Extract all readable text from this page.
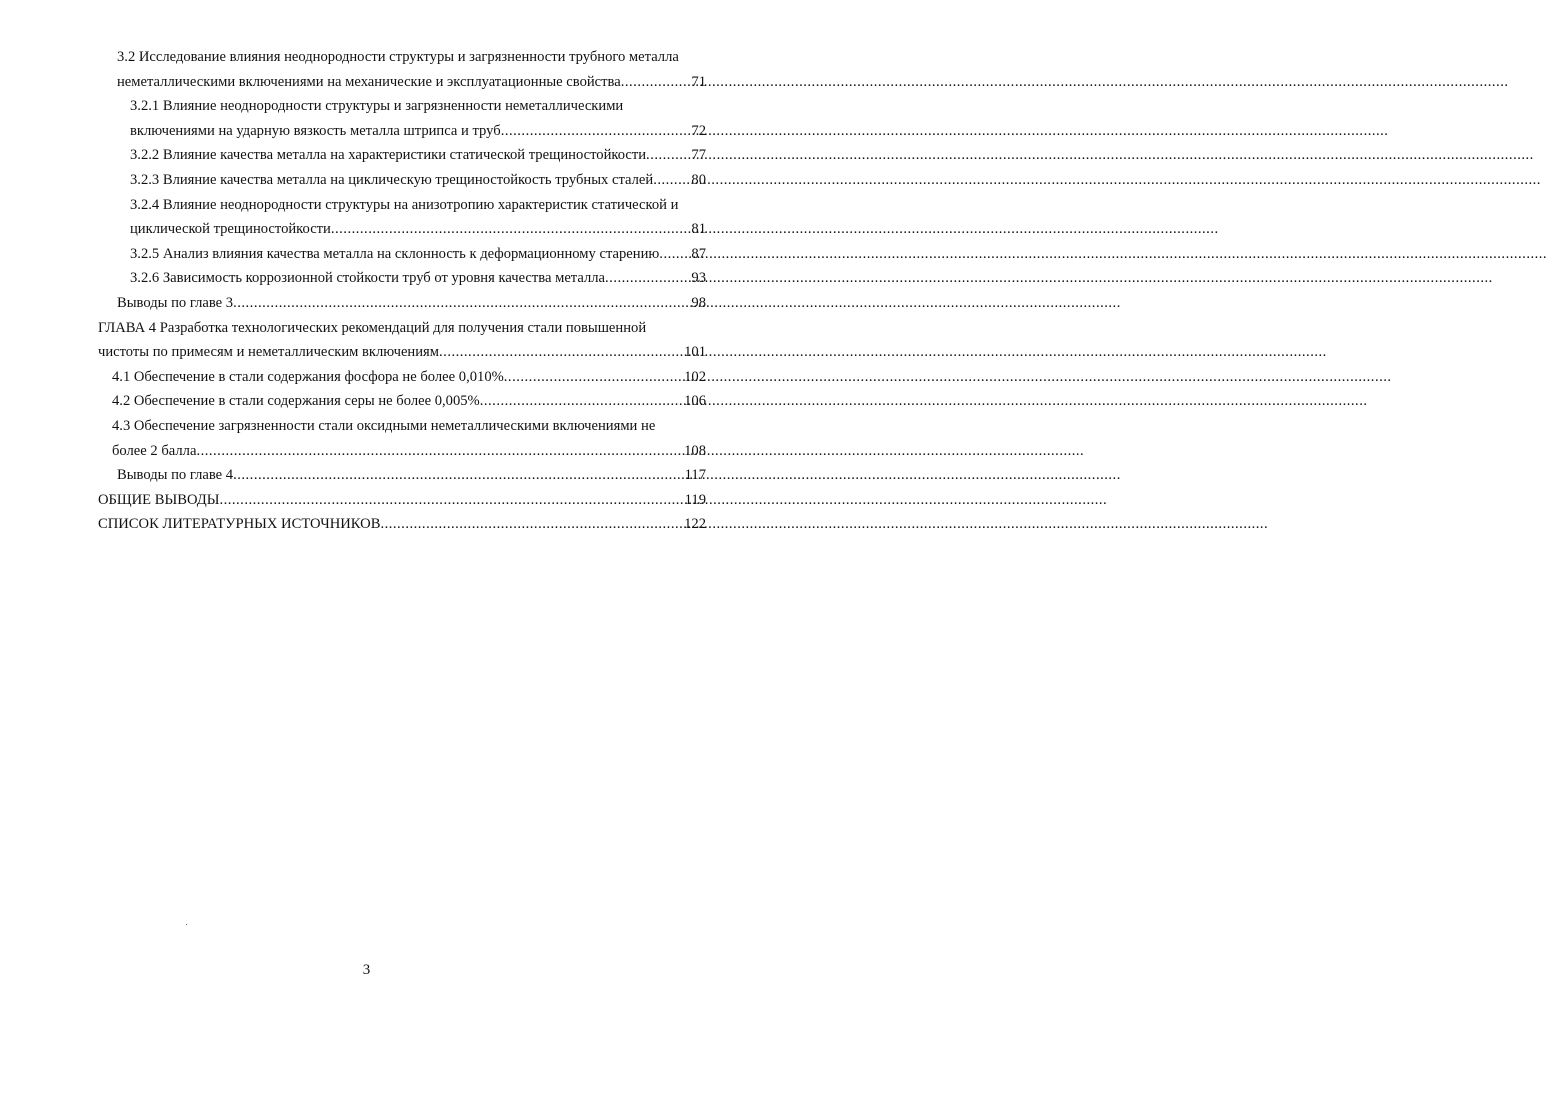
3.2 Исследование влияния неоднородности структуры и загрязненности трубного металла
неметаллическими включениями на механические и эксплуатационные свойства .....	71
3.2.1 Влияние неоднородности структуры и загрязненности неметаллическими
включениями на ударную вязкость металла штрипса и труб .....	72
3.2.2 Влияние качества металла на характеристики статической трещиностойкости .....	77
3.2.3 Влияние качества металла на циклическую трещиностойкость трубных сталей .....	80
3.2.4 Влияние неоднородности структуры на анизотропию характеристик статической и
циклической трещиностойкости .....	81
3.2.5 Анализ влияния качества металла на склонность к деформационному старению ..... 87
3.2.6 Зависимость коррозионной стойкости труб от уровня качества металла .....	93
Выводы по главе 3 .....	98
ГЛАВА 4 Разработка технологических рекомендаций для получения стали повышенной
чистоты по примесям и неметаллическим включениям .....	101
4.1 Обеспечение в стали содержания фосфора не более 0,010% .....	102
4.2 Обеспечение в стали содержания серы не более 0,005% .....	106
4.3 Обеспечение загрязненности стали оксидными неметаллическими включениями не
более 2 балла .....	108
Выводы по главе 4 .....	117
ОБЩИЕ ВЫВОДЫ .....	119
СПИСОК ЛИТЕРАТУРНЫХ ИСТОЧНИКОВ .....	122
3
